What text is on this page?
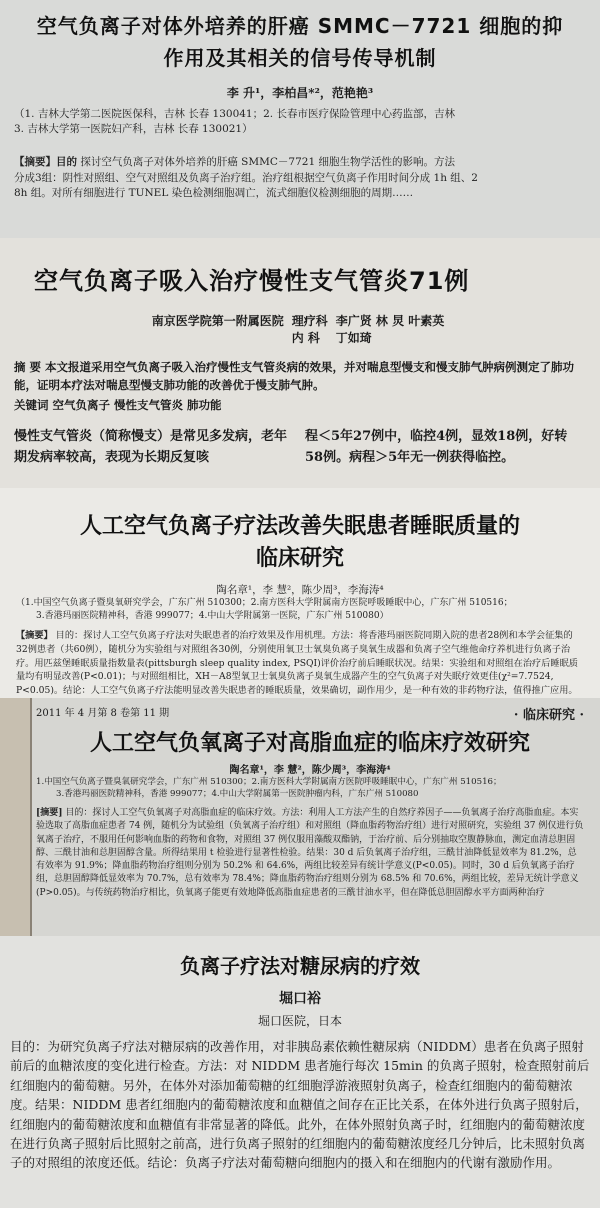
空气负离子对体外培养的肝癌 SMMC－7721 细胞的抑
作用及其相关的信号传导机制
李 升¹，李柏昌*²，范艳艳³
（1. 吉林大学第二医院医保科，吉林 长春 130041；2. 长春市医疗保险管理中心药监部，吉林
3. 吉林大学第一医院妇产科，吉林 长春 130021）
【摘要】目的 探讨空气负离子对体外培养的肝癌 SMMC－7721 细胞生物学活性的影响。方法
分成3组：阴性对照组、空气对照组及负离子治疗组。治疗组根据空气负离子作用时间分成 1h 组、2
8h 组。对所有细胞进行 TUNEL 染色检测细胞凋亡，流式细胞仪检测细胞的周期……
空气负离子吸入治疗慢性支气管炎71例
南京医学院第一附属医院 理疗科
内 科
李广贤 林 炅 叶素英
丁如琦
摘 要 本文报道采用空气负离子吸入治疗慢性支气管炎病的效果，并对喘息型慢支和慢支肺气肿病例测定了肺功能，证明本疗法对喘息型慢支肺功能的改善优于慢支肺气肿。
关键词 空气负离子 慢性支气管炎 肺功能
慢性支气管炎（简称慢支）是常见多发病，老年期发病率较高，表现为长期反复咳
程＜5年27例中，临控4例，显效18例，好转58例。病程＞5年无一例获得临控。
人工空气负离子疗法改善失眠患者睡眠质量的
临床研究
陶名章¹，李 慧²，陈少周³，李海涛⁴
（1.中国空气负离子暨臭氧研究学会，广东广州 510300；2.南方医科大学附属南方医院呼吸睡眠中心，广东广州 510516；
3.香港玛丽医院精神科，香港 999077；4.中山大学附属第一医院，广东广州 510080）
【摘要】 目的：探讨人工空气负离子疗法对失眠患者的治疗效果及作用机理。方法：将香港玛丽医院同期入院的患者28例和本学会征集的32例患者（共60例），随机分为实验组与对照组各30例，分别使用氧卫士氧臭负离子臭氧生成器和负离子空气维他命疗养机进行负离子治疗。用匹兹堡睡眠质量指数量表(pittsburgh sleep quality index, PSQI)评价治疗前后睡眠状况。结果：实验组和对照组在治疗后睡眠质量均有明显改善(P<0.01)；与对照组相比，XH－A8型氧卫士氧臭负离子臭氧生成器产生的空气负离子对失眠疗效更佳(χ²=7.7524, P<0.05)。结论：人工空气负离子疗法能明显改善失眠患者的睡眠质量，效果确切，副作用少，是一种有效的非药物疗法，值得推广应用。
2011 年 4 月第 8 卷第 11 期	· 临床研究 ·
人工空气负氧离子对高脂血症的临床疗效研究
陶名章¹，李 慧²，陈少周³，李海涛⁴
1.中国空气负离子暨臭氧研究学会，广东广州 510300；2.南方医科大学附属南方医院呼吸睡眠中心，广东广州 510516；
3.香港玛丽医院精神科，香港 999077；4.中山大学附属第一医院肿瘤内科，广东广州 510080
[摘要] 目的：探讨人工空气负氧离子对高脂血症的临床疗效。方法：利用人工方法产生的自然疗养因子——负氧离子治疗高脂血症。本实验选取了高脂血症患者 74 例，随机分为试验组（负氧离子治疗组）和对照组（降血脂药物治疗组）进行对照研究，实验组 37 例仅进行负氧离子治疗，不服用任何影响血脂的药物和食物，对照组 37 例仅服用藻酸双酯钠，于治疗前、后分别抽取空腹静脉血，测定血清总胆固醇、三酰甘油和总胆固醇含量。所得结果用 t 检验进行显著性检验。结果：30 d 后负氧离子治疗组，三酰甘油降低显效率为 81.2%，总有效率为 91.9%；降血脂药物治疗组则分别为 50.2% 和 64.6%，两组比较差异有统计学意义(P<0.05)。同时，30 d 后负氧离子治疗组，总胆固醇降低显效率为 70.7%，总有效率为 78.4%；降血脂药物治疗组则分别为 68.5% 和 70.6%，两组比较，差异无统计学意义(P>0.05)。与传统药物治疗相比，负氧离子能更有效地降低高脂血症患者的三酰甘油水平，但在降低总胆固醇水平方面两种治疗
负离子疗法对糖尿病的疗效
堀口裕
堀口医院，日本
目的：为研究负离子疗法对糖尿病的改善作用，对非胰岛素依赖性糖尿病（NIDDM）患者在负离子照射前后的血糖浓度的变化进行检查。方法：对 NIDDM 患者施行每次 15min 的负离子照射，检查照射前后红细胞内的葡萄糖。另外，在体外对添加葡萄糖的红细胞浮游液照射负离子，检查红细胞内的葡萄糖浓度。结果：NIDDM 患者红细胞内的葡萄糖浓度和血糖值之间存在正比关系，在体外进行负离子照射后，红细胞内的葡萄糖浓度和血糖值有非常显著的降低。此外，在体外照射负离子时，红细胞内的葡萄糖浓度在进行负离子照射后比照射之前高，进行负离子照射的红细胞内的葡萄糖浓度经几分钟后，比未照射负离子的对照组的浓度还低。结论：负离子疗法对葡萄糖向细胞内的摄入和在细胞内的代谢有激励作用。
